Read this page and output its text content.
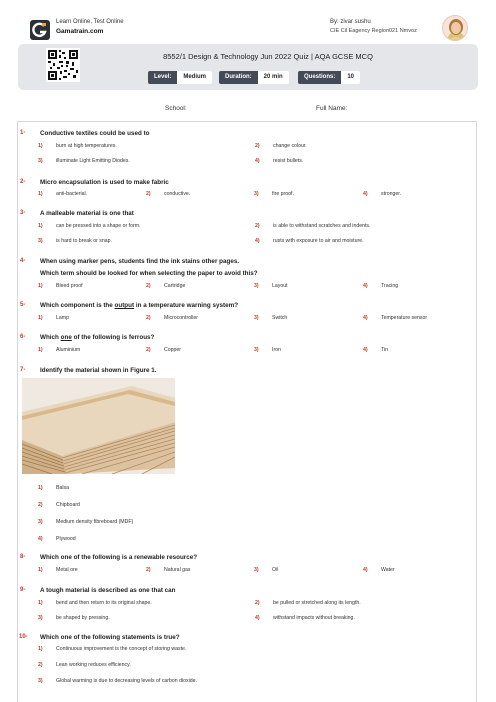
Learn Online, Test Online
Gamatrain.com
By: zivar sushu
CIE Cil Eagency Region021 Nmvoz
8552/1 Design & Technology Jun 2022 Quiz | AQA GCSE MCQ
Level:	Medium	Duration:	20 min	Questions:	10
School:	Full Name:
1- Conductive textiles could be used to
1)	burn at high temperatures.	2)	change colour.
3)	illuminate Light Emitting Diodes.	4)	resist bullets.
2- Micro encapsulation is used to make fabric
1)	anti-bacterial.	2)	conductive.	3)	fire proof.	4)	stronger.
3- A malleable material is one that
1)	can be pressed into a shape or form.	2)	is able to withstand scratches and indents.
3)	is hard to break or snap.	4)	rusts with exposure to air and moisture.
4- When using marker pens, students find the ink stains other pages.
Which term should be looked for when selecting the paper to avoid this?
1)	Bleed proof	2)	Cartridge	3)	Layout	4)	Tracing
5- Which component is the output in a temperature warning system?
1)	Lamp	2)	Microcontroller	3)	Switch	4)	Temperature sensor
6- Which one of the following is ferrous?
1)	Aluminium	2)	Copper	3)	Iron	4)	Tin
7- Identify the material shown in Figure 1.
1)	Balsa
2)	Chipboard
3)	Medium density fibreboard (MDF)
4)	Plywood
8- Which one of the following is a renewable resource?
1)	Metal ore	2)	Natural gas	3)	Oil	4)	Water
9- A tough material is described as one that can
1)	bend and then return to its original shape.	2)	be pulled or stretched along its length.
3)	be shaped by pressing.	4)	withstand impacts without breaking.
10- Which one of the following statements is true?
1)	Continuous improvement is the concept of storing waste.
2)	Lean working reduces efficiency.
3)	Global warming is due to decreasing levels of carbon dioxide.
